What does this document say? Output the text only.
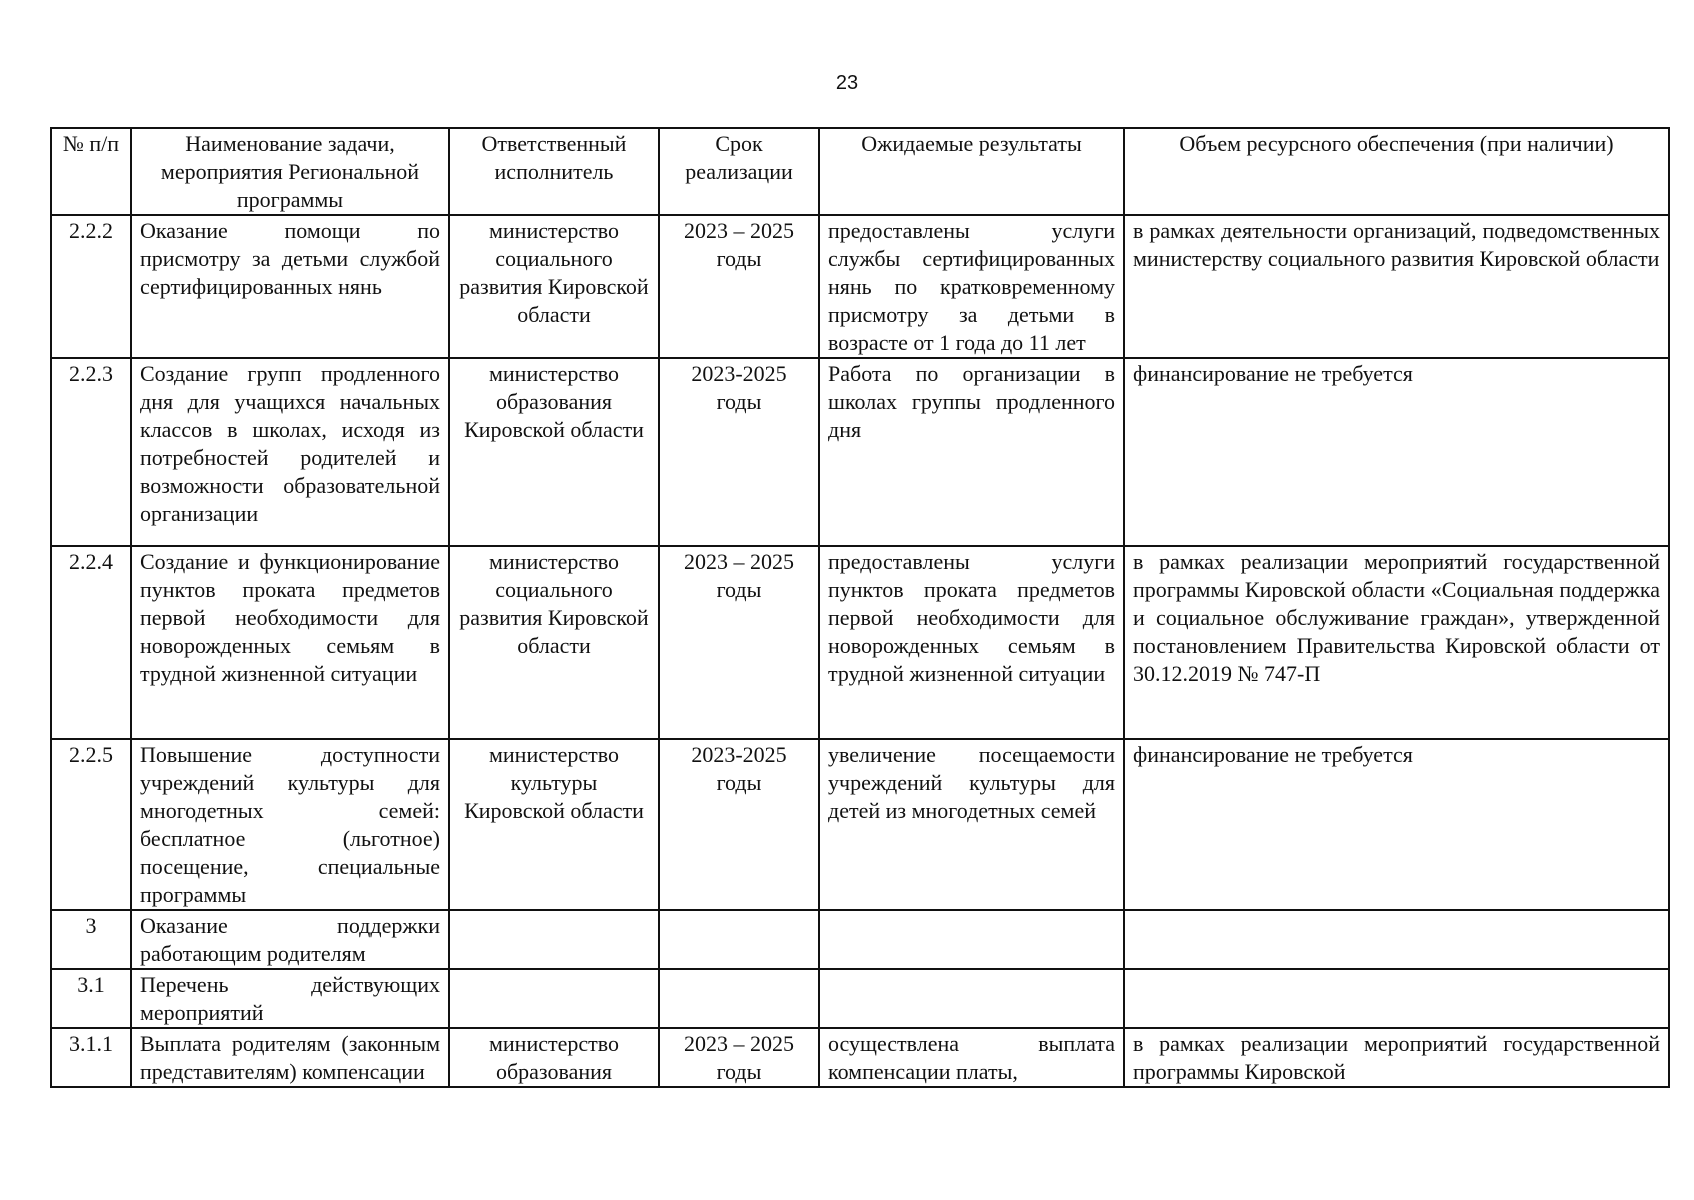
23
№ п/п	Наименование задачи, мероприятия Региональной программы	Ответственный исполнитель	Срок реализации	Ожидаемые результаты	Объем ресурсного обеспечения (при наличии)
2.2.2	Оказание помощи по присмотру за детьми службой сертифицированных нянь	министерство социального развития Кировской области	2023 – 2025 годы	предоставлены услуги службы сертифицированных нянь по кратковременному присмотру за детьми в возрасте от 1 года до 11 лет	в рамках деятельности организаций, подведомственных министерству социального развития Кировской области
2.2.3	Создание групп продленного дня для учащихся начальных классов в школах, исходя из потребностей родителей и возможности образовательной организации	министерство образования Кировской области	2023-2025 годы	Работа по организации в школах группы продленного дня	финансирование не требуется
2.2.4	Создание и функционирование пунктов проката предметов первой необходимости для новорожденных семьям в трудной жизненной ситуации	министерство социального развития Кировской области	2023 – 2025 годы	предоставлены услуги пунктов проката предметов первой необходимости для новорожденных семьям в трудной жизненной ситуации	в рамках реализации мероприятий государственной программы Кировской области «Социальная поддержка и социальное обслуживание граждан», утвержденной постановлением Правительства Кировской области от 30.12.2019 № 747-П
2.2.5	Повышение доступности учреждений культуры для многодетных семей: бесплатное (льготное) посещение, специальные программы	министерство культуры Кировской области	2023-2025 годы	увеличение посещаемости учреждений культуры для детей из многодетных семей	финансирование не требуется
3	Оказание поддержки работающим родителям				
3.1	Перечень действующих мероприятий				
3.1.1	Выплата родителям (законным представителям) компенсации	министерство образования	2023 – 2025 годы	осуществлена выплата компенсации платы,	в рамках реализации мероприятий государственной программы Кировской
